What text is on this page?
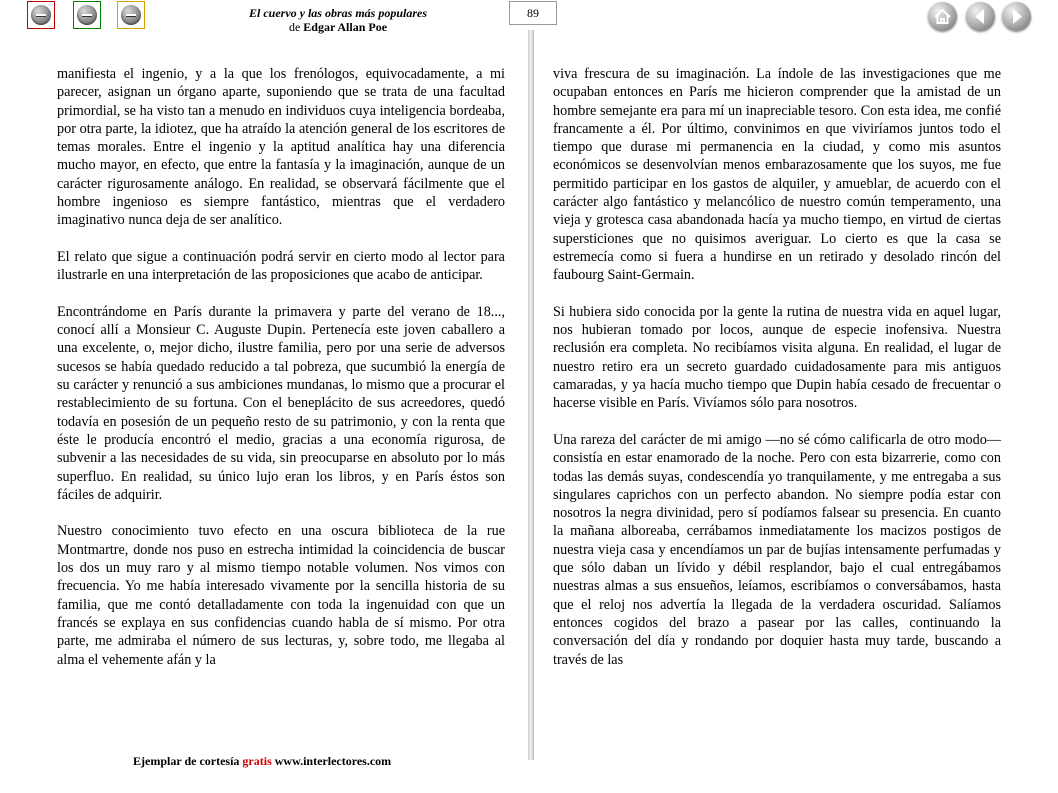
El cuervo y las obras más populares
de Edgar Allan Poe
89

manifiesta el ingenio, y a la que los frenólogos, equivocadamente, a mi parecer, asignan un órgano aparte, suponiendo que se trata de una facultad primordial, se ha visto tan a menudo en individuos cuya inteligencia bordeaba, por otra parte, la idiotez, que ha atraído la atención general de los escritores de temas morales. Entre el ingenio y la aptitud analítica hay una diferencia mucho mayor, en efecto, que entre la fantasía y la imaginación, aunque de un carácter rigurosamente análogo. En realidad, se observará fácilmente que el hombre ingenioso es siempre fantástico, mientras que el verdadero imaginativo nunca deja de ser analítico.

El relato que sigue a continuación podrá servir en cierto modo al lector para ilustrarle en una interpretación de las proposiciones que acabo de anticipar.

Encontrándome en París durante la primavera y parte del verano de 18..., conocí allí a Monsieur C. Auguste Dupin. Pertenecía este joven caballero a una excelente, o, mejor dicho, ilustre familia, pero por una serie de adversos sucesos se había quedado reducido a tal pobreza, que sucumbió la energía de su carácter y renunció a sus ambiciones mundanas, lo mismo que a procurar el restablecimiento de su fortuna. Con el beneplácito de sus acreedores, quedó todavía en posesión de un pequeño resto de su patrimonio, y con la renta que éste le producía encontró el medio, gracias a una economía rigurosa, de subvenir a las necesidades de su vida, sin preocuparse en absoluto por lo más superfluo. En realidad, su único lujo eran los libros, y en París éstos son fáciles de adquirir.

Nuestro conocimiento tuvo efecto en una oscura biblioteca de la rue Montmartre, donde nos puso en estrecha intimidad la coincidencia de buscar los dos un muy raro y al mismo tiempo notable volumen. Nos vimos con frecuencia. Yo me había interesado vivamente por la sencilla historia de su familia, que me contó detalladamente con toda la ingenuidad con que un francés se explaya en sus confidencias cuando habla de sí mismo. Por otra parte, me admiraba el número de sus lecturas, y, sobre todo, me llegaba al alma el vehemente afán y la

viva frescura de su imaginación. La índole de las investigaciones que me ocupaban entonces en París me hicieron comprender que la amistad de un hombre semejante era para mí un inapreciable tesoro. Con esta idea, me confié francamente a él. Por último, convinimos en que viviríamos juntos todo el tiempo que durase mi permanencia en la ciudad, y como mis asuntos económicos se desenvolvían menos embarazosamente que los suyos, me fue permitido participar en los gastos de alquiler, y amueblar, de acuerdo con el carácter algo fantástico y melancólico de nuestro común temperamento, una vieja y grotesca casa abandonada hacía ya mucho tiempo, en virtud de ciertas supersticiones que no quisimos averiguar. Lo cierto es que la casa se estremecía como si fuera a hundirse en un retirado y desolado rincón del faubourg Saint-Germain.

Si hubiera sido conocida por la gente la rutina de nuestra vida en aquel lugar, nos hubieran tomado por locos, aunque de especie inofensiva. Nuestra reclusión era completa. No recibíamos visita alguna. En realidad, el lugar de nuestro retiro era un secreto guardado cuidadosamente para mis antiguos camaradas, y ya hacía mucho tiempo que Dupin había cesado de frecuentar o hacerse visible en París. Vivíamos sólo para nosotros.

Una rareza del carácter de mi amigo —no sé cómo calificarla de otro modo— consistía en estar enamorado de la noche. Pero con esta bizarrerie, como con todas las demás suyas, condescendía yo tranquilamente, y me entregaba a sus singulares caprichos con un perfecto abandon. No siempre podía estar con nosotros la negra divinidad, pero sí podíamos falsear su presencia. En cuanto la mañana alboreaba, cerrábamos inmediatamente los macizos postigos de nuestra vieja casa y encendíamos un par de bujías intensamente perfumadas y que sólo daban un lívido y débil resplandor, bajo el cual entregábamos nuestras almas a sus ensueños, leíamos, escribíamos o conversábamos, hasta que el reloj nos advertía la llegada de la verdadera oscuridad. Salíamos entonces cogidos del brazo a pasear por las calles, continuando la conversación del día y rondando por doquier hasta muy tarde, buscando a través de las

Ejemplar de cortesía gratis www.interlectores.com
